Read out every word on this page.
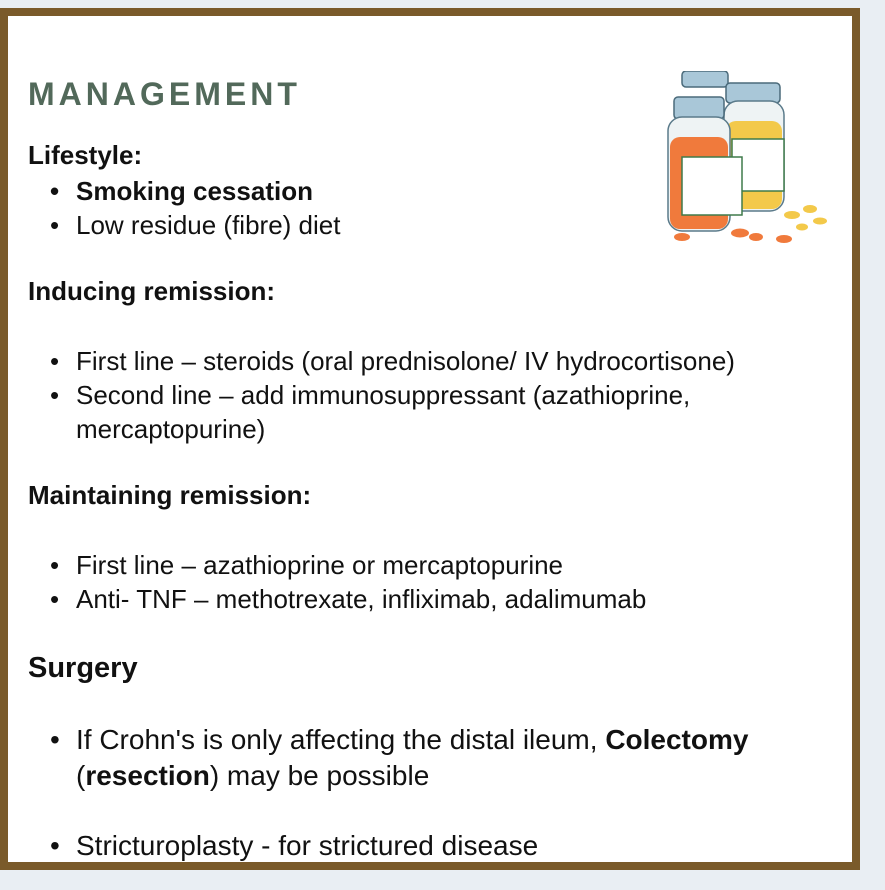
MANAGEMENT
Lifestyle:
• Smoking cessation
• Low residue (fibre) diet
Inducing remission:
• First line – steroids (oral prednisolone/ IV hydrocortisone)
• Second line – add immunosuppressant (azathioprine, mercaptopurine)
Maintaining remission:
• First line – azathioprine or mercaptopurine
• Anti- TNF – methotrexate, infliximab, adalimumab
Surgery
• If Crohn's is only affecting the distal ileum, Colectomy
(resection) may be possible
• Stricturoplasty - for strictured disease
